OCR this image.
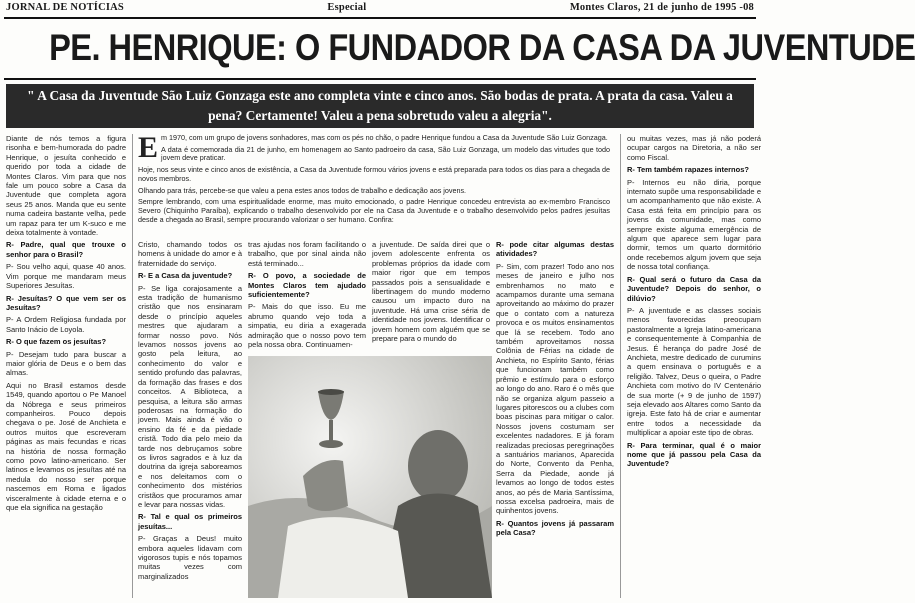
JORNAL DE NOTÍCIAS	Especial	Montes Claros, 21 de junho de 1995 -08
PE. HENRIQUE: O FUNDADOR DA CASA DA JUVENTUDE
" A Casa da Juventude São Luiz Gonzaga este ano completa vinte e cinco anos. São bodas de prata. A prata da casa. Valeu a pena? Certamente! Valeu a pena sobretudo valeu a alegria".

Diante de nós temos a figura risonha e bem-humorada do padre Henrique, o jesuíta conhecido e querido por toda a cidade de Montes Claros. Vim para que nos fale um pouco sobre a Casa da Juventude que completa agora seus 25 anos. Manda que eu sente numa cadeira bastante velha, pede um rapaz para ter um K-suco e me deixa totalmente à vontade.

R- Padre, qual que trouxe o senhor para o Brasil?

P- Sou velho aqui, quase 40 anos. Vim porque me mandaram meus Superiores Jesuítas.

R- Jesuítas? O que vem ser os Jesuítas?

P- A Ordem Religiosa fundada por Santo Inácio de Loyola.

R- O que fazem os jesuítas?

P- Desejam tudo para buscar a maior glória de Deus e o bem das almas.

Aqui no Brasil estamos desde 1549, quando aportou o Pe Manoel da Nóbrega e seus primeiros companheiros. Pouco depois chegava o pe. José de Anchieta e outros muitos que escreveram páginas as mais fecundas e ricas na história de nossa formação como povo latino-americano. Ser latinos e levamos os jesuítas até na medula do nosso ser porque nascemos em Roma e ligados visceralmente à cidade eterna e o que ela significa na gestação

Em 1970, com um grupo de jovens sonhadores, mas com os pés no chão, o padre Henrique fundou a Casa da Juventude São Luiz Gonzaga.

A data é comemorada dia 21 de junho, em homenagem ao Santo padroeiro da casa, São Luiz Gonzaga, um modelo das virtudes que todo jovem deve praticar.

Hoje, nos seus vinte e cinco anos de existência, a Casa da Juventude formou vários jovens e está preparada para todos os dias para a chegada de novos membros.

Olhando para trás, percebe-se que valeu a pena estes anos todos de trabalho e dedicação aos jovens.

Sempre lembrando, com uma espiritualidade enorme, mas muito emocionado, o padre Henrique concedeu entrevista ao ex-membro Francisco Severo (Chiquinho Paraíba), explicando o trabalho desenvolvido por ele na Casa da Juventude e o trabalho desenvolvido pelos padres jesuítas desde a chegada ao Brasil, sempre procurando valorizar o ser humano. Confira:

Cristo, chamando todos os homens à unidade do amor e à fraternidade do serviço.

R- E a Casa da juventude?

P- Se liga corajosamente a esta tradição de humanismo cristão que nos ensinaram desde o princípio aqueles mestres que ajudaram a formar nosso povo. Nós levamos nossos jovens ao gosto pela leitura, ao conhecimento do valor e sentido profundo das palavras, da formação das frases e dos conceitos. A Biblioteca, a pesquisa, a leitura são armas poderosas na formação do jovem. Mais ainda é vão o ensino da fé e da piedade cristã. Todo dia pelo meio da tarde nos debruçamos sobre os livros sagrados e à luz da doutrina da igreja saboreamos e nos deleitamos com o conhecimento dos mistérios cristãos que procuramos amar e levar para nossas vidas.

R- Tal e qual os primeiros jesuítas...

P- Graças a Deus! muito embora aqueles lidavam com vigorosos tupis e nós topamos muitas vezes com marginalizados

tras ajudas nos foram facilitando o trabalho, que por sinal ainda não está terminado...

R- O povo, a sociedade de Montes Claros tem ajudado suficientemente?

P- Mais do que isso. Eu me abrumo quando vejo toda a simpatia, eu diria a exagerada admiração que o nosso povo tem pela nossa obra. Continuamen-

a juventude. De saída direi que o jovem adolescente enfrenta os problemas próprios da idade com maior rigor que em tempos passados pois a sensualidade e libertinagem do mundo moderno causou um impacto duro na juventude. Há uma crise séria de identidade nos jovens. Identificar o jovem homem com alguém que se prepare para o mundo do

R- pode citar algumas destas atividades?

P- Sim, com prazer! Todo ano nos meses de janeiro e julho nos embrenhamos no mato e acampamos durante uma semana aproveitando ao máximo do prazer que o contato com a natureza provoca e os muitos ensinamentos que lá se recebem. Todo ano também aproveitamos nossa Colônia de Férias na cidade de Anchieta, no Espírito Santo, férias que funcionam também como prêmio e estímulo para o esforço ao longo do ano. Raro é o mês que não se organiza algum passeio a lugares pitorescos ou a clubes com boas piscinas para mitigar o calor. Nossos jovens costumam ser excelentes nadadores. E já foram realizadas preciosas peregrinações a santuários marianos, Aparecida do Norte, Convento da Penha, Serra da Piedade, aonde já levamos ao longo de todos estes anos, ao pés de Maria Santíssima, nossa excelsa padroeira, mais de quinhentos jovens.

R- Quantos jovens já passaram pela Casa?

ou muitas vezes, mas já não poderá ocupar cargos na Diretoria, a não ser como Fiscal.

R- Tem também rapazes internos?

P- Internos eu não diria, porque internato supõe uma responsabilidade e um acompanhamento que não existe. A Casa está feita em princípio para os jovens da comunidade, mas como sempre existe alguma emergência de algum que aparece sem lugar para dormir, temos um quarto dormitório onde recebemos algum jovem que seja de nossa total confiança.

R- Qual será o futuro da Casa da Juventude? Depois do senhor, o dilúvio?

P- A juventude e as classes sociais menos favorecidas preocupam pastoralmente a Igreja latino-americana e consequentemente à Companhia de Jesus. É herança do padre José de Anchieta, mestre dedicado de curumins a quem ensinava o português e a religião. Talvez, Deus o queira, o Padre Anchieta com motivo do IV Centenário de sua morte (+ 9 de junho de 1597) seja elevado aos Altares como Santo da igreja. Este fato há de criar e aumentar entre todos a necessidade da multiplicar a apoiar este tipo de obras.

R- Para terminar, qual é o maior nome que já passou pela Casa da Juventude?
